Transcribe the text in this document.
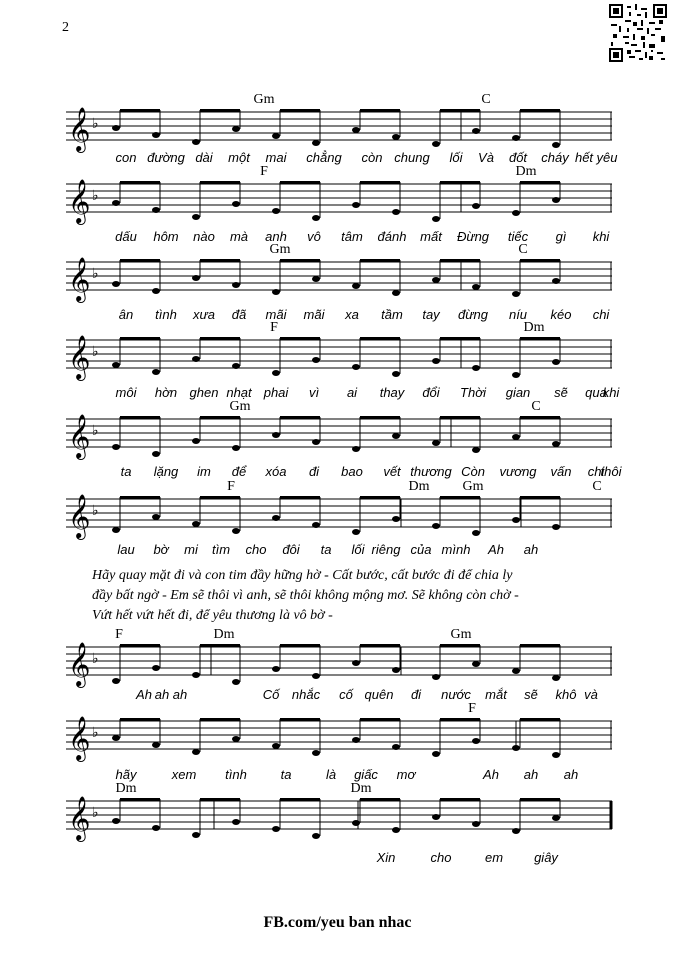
2
𝄞 ♭
Gm	C
con đường dài một mai chẳng còn chung lối Và đốt cháy hết yêu
𝄞 ♭
F	Dm
dấu hôm nào mà anh vô tâm đánh mất Đừng tiếc gì khi
𝄞 ♭
Gm	C
ân tình xưa đã mãi mãi xa tầm tay đừng níu kéo chi
𝄞 ♭
F	Dm
môi hờn ghen nhạt phai vì ai thay đổi Thời gian sẽ qua
khi
𝄞 ♭
Gm	C
ta lặng im để xóa đi bao vết thương Còn vương vấn chi
thôi
𝄞 ♭
F	Dm Gm	C
lau bờ mi tìm cho đôi ta lối riêng của mình Ah ah
𝄞 ♭
F	Dm	Gm
Ah ah ah	Cố nhắc cố quên đi nước mắt sẽ khô và
𝄞 ♭
F
hãy	xem tình	ta	là giấc mơ	Ah ah ah
𝄞 ♭
Dm	Dm
Xin	cho	em giây
Hãy quay mặt đi và con tim đầy hững hờ - Cất bước, cất bước đi để chia ly
đầy bất ngờ - Em sẽ thôi vì anh, sẽ thôi không mộng mơ. Sẽ không còn chờ -
Vứt hết vứt hết đi, để yêu thương là vô bờ -
FB.com/yeu ban nhac
